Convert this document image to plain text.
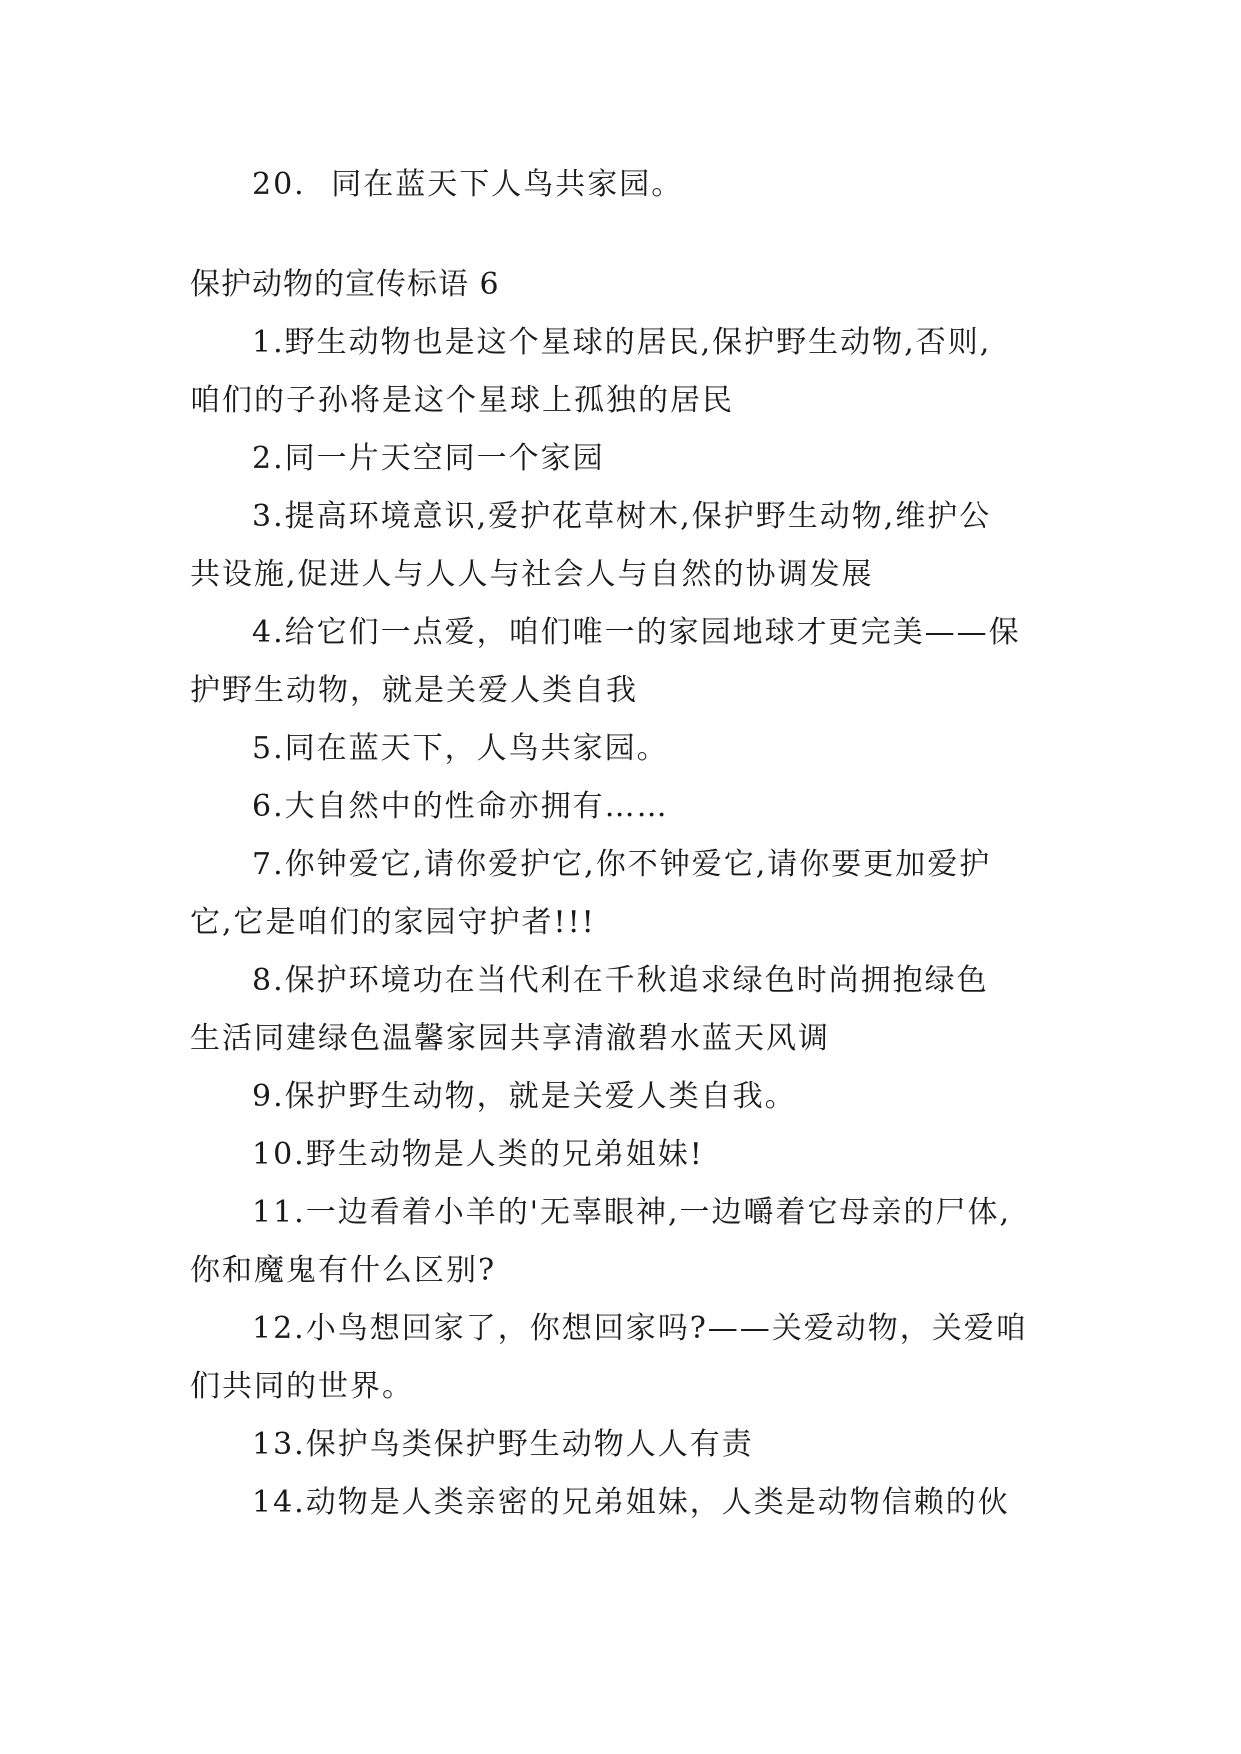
20. 同在蓝天下人鸟共家园。
保护动物的宣传标语 6
1.野生动物也是这个星球的居民,保护野生动物,否则,
咱们的子孙将是这个星球上孤独的居民
2.同一片天空同一个家园
3.提高环境意识,爱护花草树木,保护野生动物,维护公
共设施,促进人与人人与社会人与自然的协调发展
4.给它们一点爱，咱们唯一的家园地球才更完美——保
护野生动物，就是关爱人类自我
5.同在蓝天下，人鸟共家园。
6.大自然中的性命亦拥有……
7.你钟爱它,请你爱护它,你不钟爱它,请你要更加爱护
它,它是咱们的家园守护者!!!
8.保护环境功在当代利在千秋追求绿色时尚拥抱绿色
生活同建绿色温馨家园共享清澈碧水蓝天风调
9.保护野生动物，就是关爱人类自我。
10.野生动物是人类的兄弟姐妹!
11.一边看着小羊的'无辜眼神,一边嚼着它母亲的尸体,
你和魔鬼有什么区别?
12.小鸟想回家了，你想回家吗?——关爱动物，关爱咱
们共同的世界。
13.保护鸟类保护野生动物人人有责
14.动物是人类亲密的兄弟姐妹，人类是动物信赖的伙
